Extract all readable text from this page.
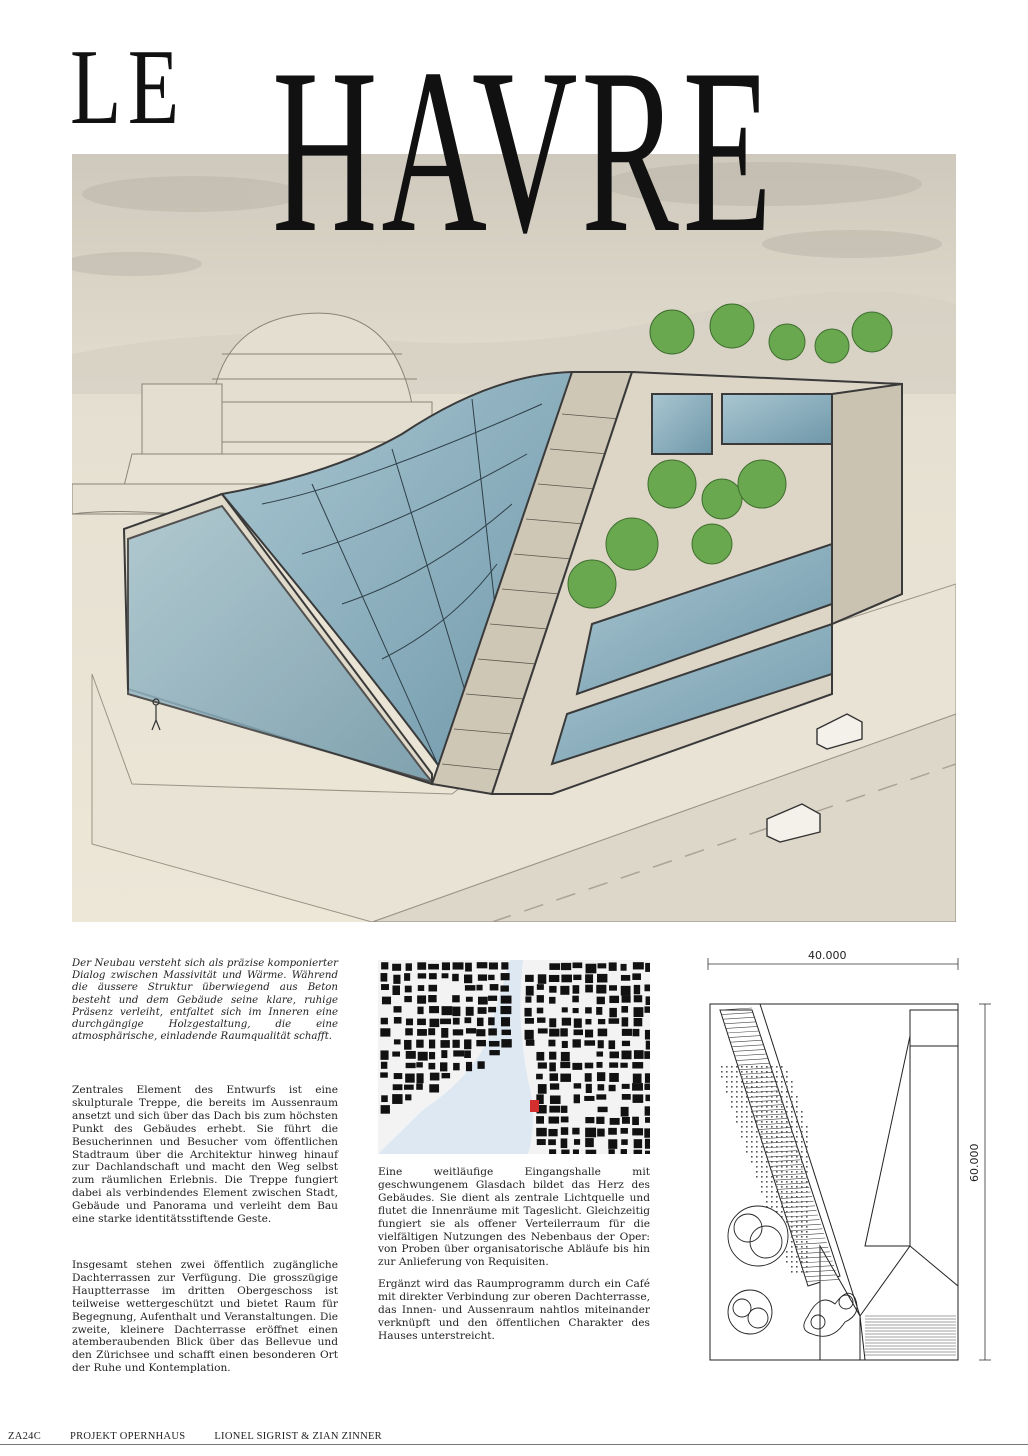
LE HAVRE

Der Neubau versteht sich als präzise komponierter Dialog zwischen Massivität und Wärme. Während die äussere Struktur überwiegend aus Beton besteht und dem Gebäude seine klare, ruhige Präsenz verleiht, entfaltet sich im Inneren eine durchgängige Holzgestaltung, die eine atmosphärische, einladende Raumqualität schafft.

Zentrales Element des Entwurfs ist eine skulpturale Treppe, die bereits im Aussenraum ansetzt und sich über das Dach bis zum höchsten Punkt des Gebäudes erhebt. Sie führt die Besucherinnen und Besucher vom öffentlichen Stadtraum über die Architektur hinweg hinauf zur Dachlandschaft und macht den Weg selbst zum räumlichen Erlebnis. Die Treppe fungiert dabei als verbindendes Element zwischen Stadt, Gebäude und Panorama und verleiht dem Bau eine starke identitätsstiftende Geste.

Insgesamt stehen zwei öffentlich zugängliche Dachterrassen zur Verfügung. Die grosszügige Hauptterrasse im dritten Obergeschoss ist teilweise wettergeschützt und bietet Raum für Begegnung, Aufenthalt und Veranstaltungen. Die zweite, kleinere Dachterrasse eröffnet einen atemberaubenden Blick über das Bellevue und den Zürichsee und schafft einen besonderen Ort der Ruhe und Kontemplation.

Eine weitläufige Eingangshalle mit geschwungenem Glasdach bildet das Herz des Gebäudes. Sie dient als zentrale Lichtquelle und flutet die Innenräume mit Tageslicht. Gleichzeitig fungiert sie als offener Verteilerraum für die vielfältigen Nutzungen des Nebenbaus der Oper: von Proben über organisatorische Abläufe bis hin zur Anlieferung von Requisiten.

Ergänzt wird das Raumprogramm durch ein Café mit direkter Verbindung zur oberen Dachterrasse, das Innen- und Aussenraum nahtlos miteinander verknüpft und den öffentlichen Charakter des Hauses unterstreicht.

40.000
60.000
ZA24C	PROJEKT OPERNHAUS	LIONEL SIGRIST & ZIAN ZINNER
